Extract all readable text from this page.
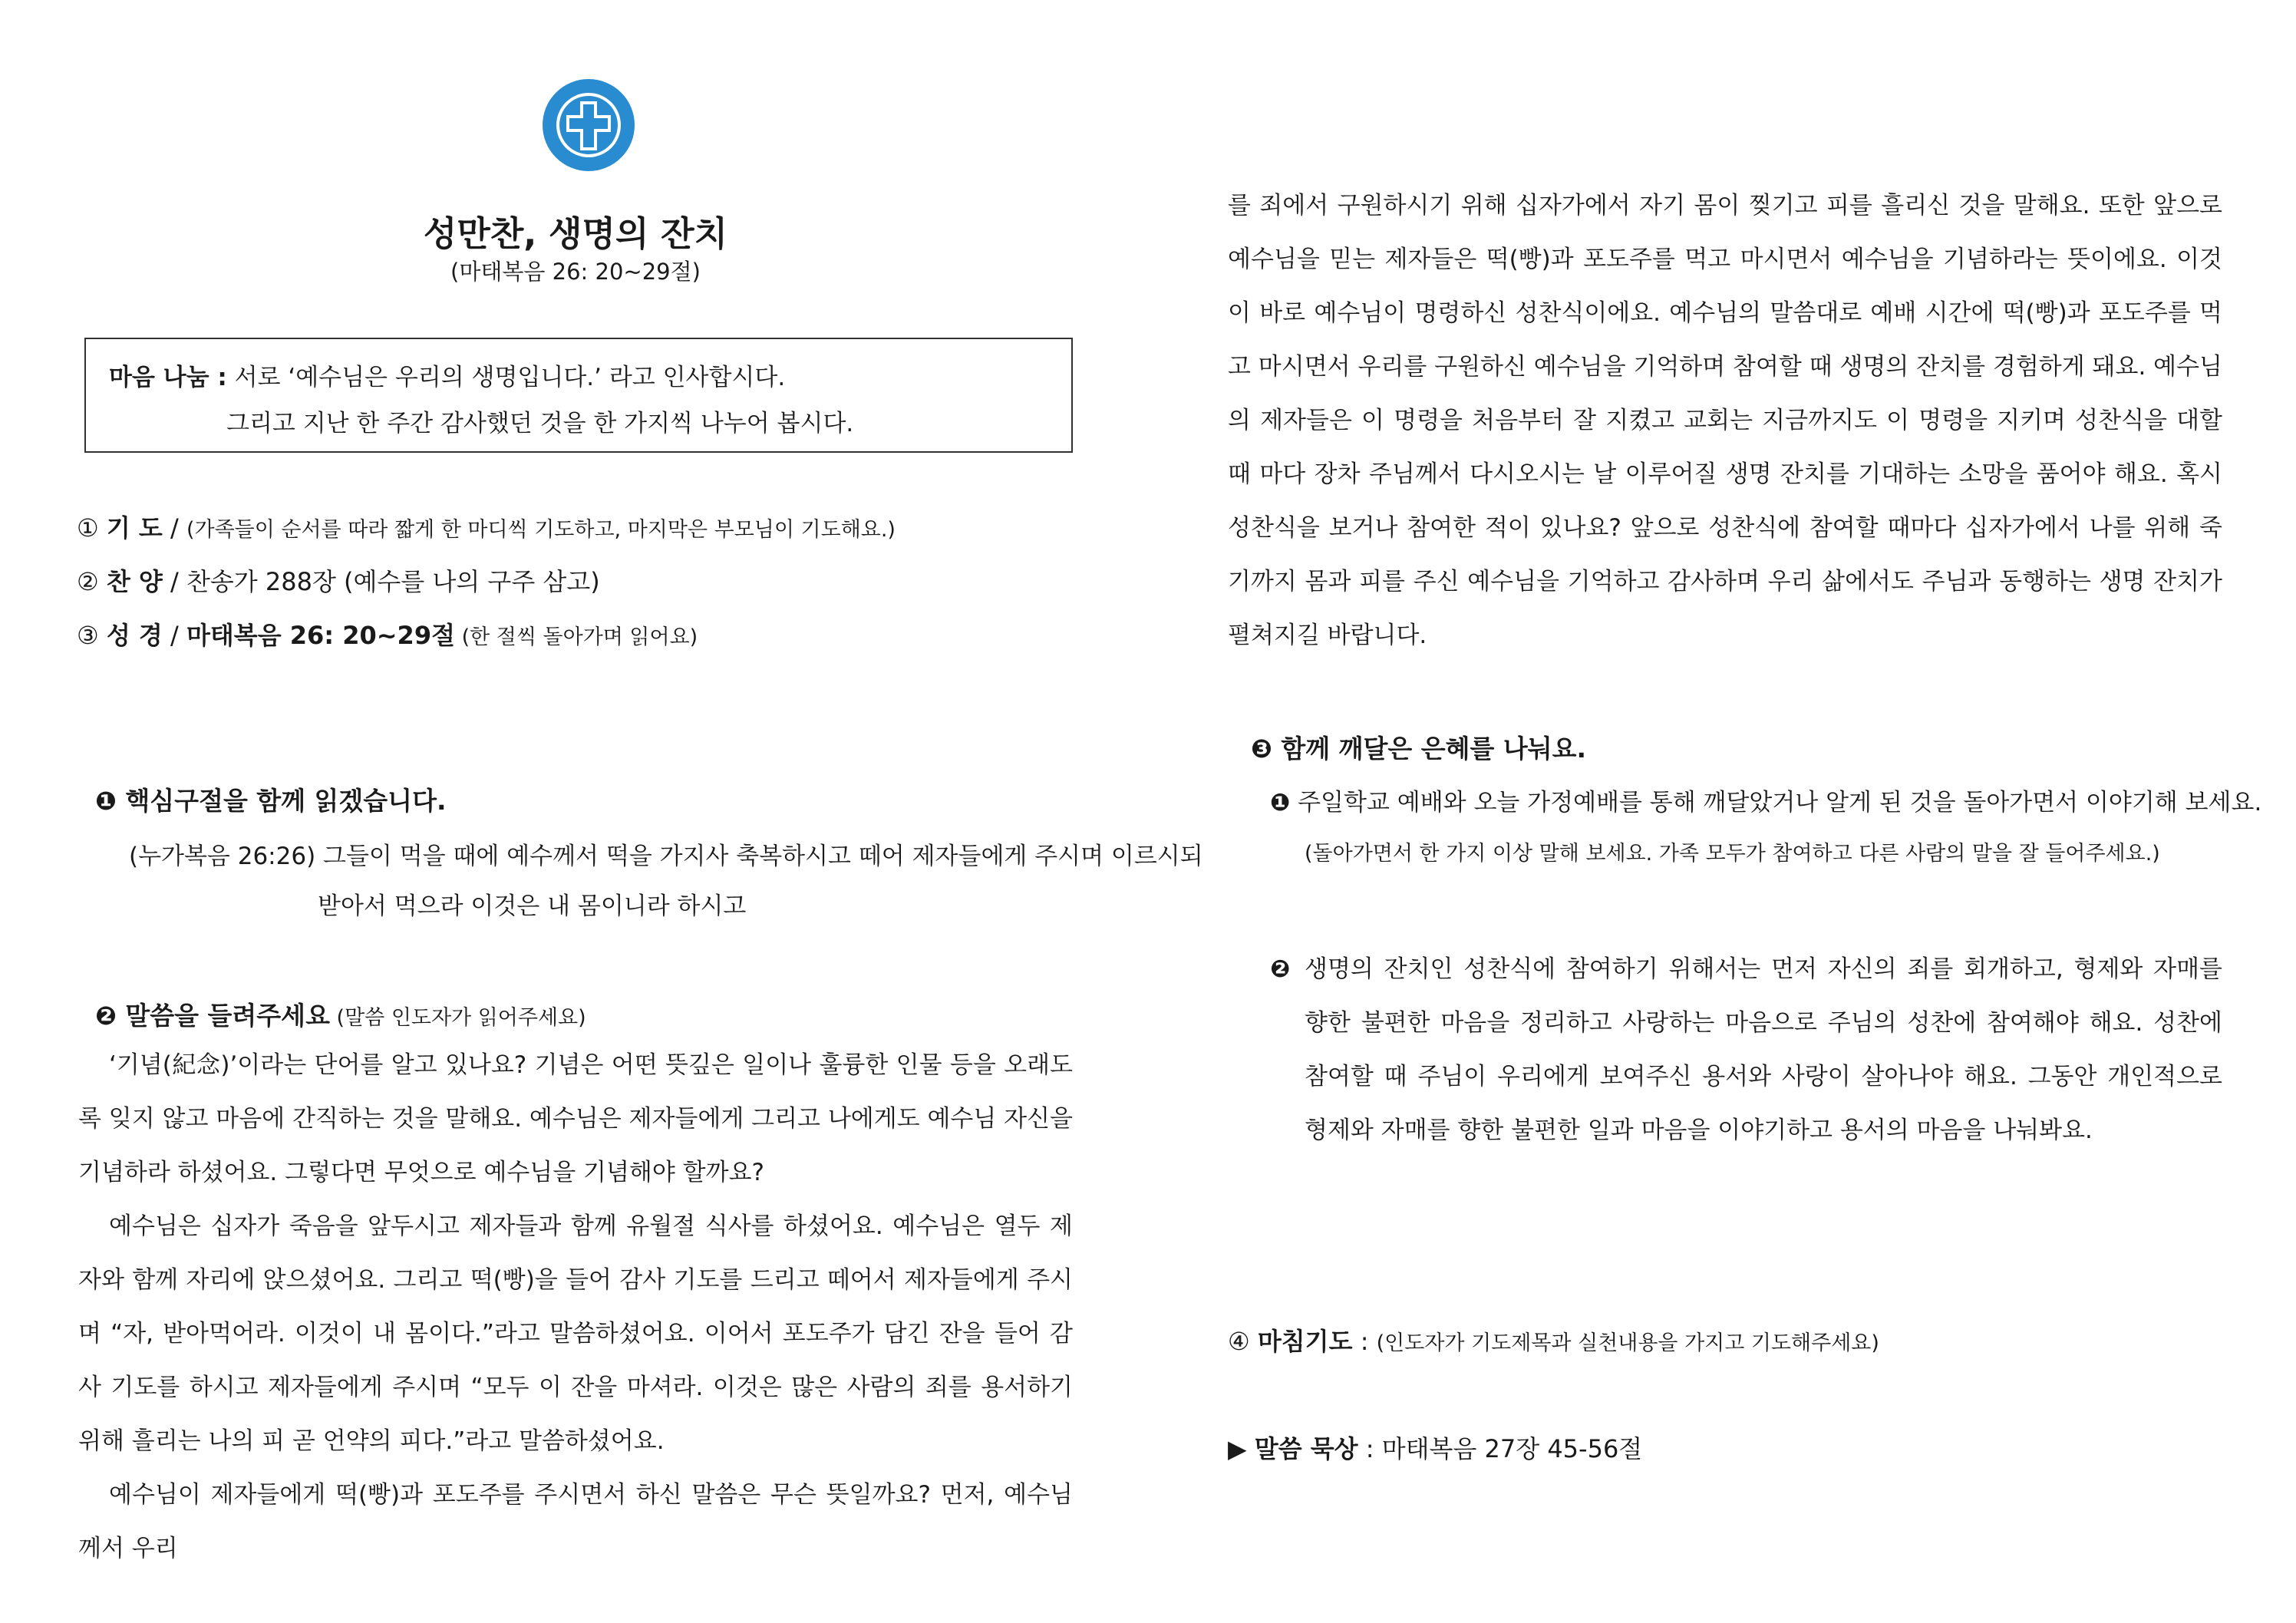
성만찬, 생명의 잔치
(마태복음 26: 20~29절)
마음 나눔 : 서로 ‘예수님은 우리의 생명입니다.’ 라고 인사합시다.
그리고 지난 한 주간 감사했던 것을 한 가지씩 나누어 봅시다.
① 기 도 / (가족들이 순서를 따라 짧게 한 마디씩 기도하고, 마지막은 부모님이 기도해요.)
② 찬 양 / 찬송가 288장 (예수를 나의 구주 삼고)
③ 성 경 / 마태복음 26: 20~29절 (한 절씩 돌아가며 읽어요)
❶ 핵심구절을 함께 읽겠습니다.
(누가복음 26:26) 그들이 먹을 때에 예수께서 떡을 가지사 축복하시고 떼어 제자들에게 주시며 이르시되
받아서 먹으라 이것은 내 몸이니라 하시고
❷ 말씀을 들려주세요 (말씀 인도자가 읽어주세요)

‘기념(紀念)’이라는 단어를 알고 있나요? 기념은 어떤 뜻깊은 일이나 훌륭한 인물 등을 오래도록 잊지 않고 마음에 간직하는 것을 말해요. 예수님은 제자들에게 그리고 나에게도 예수님 자신을 기념하라 하셨어요. 그렇다면 무엇으로 예수님을 기념해야 할까요?

예수님은 십자가 죽음을 앞두시고 제자들과 함께 유월절 식사를 하셨어요. 예수님은 열두 제자와 함께 자리에 앉으셨어요. 그리고 떡(빵)을 들어 감사 기도를 드리고 떼어서 제자들에게 주시며 “자, 받아먹어라. 이것이 내 몸이다.”라고 말씀하셨어요. 이어서 포도주가 담긴 잔을 들어 감사 기도를 하시고 제자들에게 주시며 “모두 이 잔을 마셔라. 이것은 많은 사람의 죄를 용서하기 위해 흘리는 나의 피 곧 언약의 피다.”라고 말씀하셨어요.

예수님이 제자들에게 떡(빵)과 포도주를 주시면서 하신 말씀은 무슨 뜻일까요? 먼저, 예수님께서 우리

를 죄에서 구원하시기 위해 십자가에서 자기 몸이 찢기고 피를 흘리신 것을 말해요. 또한 앞으로 예수님을 믿는 제자들은 떡(빵)과 포도주를 먹고 마시면서 예수님을 기념하라는 뜻이에요. 이것이 바로 예수님이 명령하신 성찬식이에요. 예수님의 말씀대로 예배 시간에 떡(빵)과 포도주를 먹고 마시면서 우리를 구원하신 예수님을 기억하며 참여할 때 생명의 잔치를 경험하게 돼요. 예수님의 제자들은 이 명령을 처음부터 잘 지켰고 교회는 지금까지도 이 명령을 지키며 성찬식을 대할 때 마다 장차 주님께서 다시오시는 날 이루어질 생명 잔치를 기대하는 소망을 품어야 해요. 혹시 성찬식을 보거나 참여한 적이 있나요? 앞으로 성찬식에 참여할 때마다 십자가에서 나를 위해 죽기까지 몸과 피를 주신 예수님을 기억하고 감사하며 우리 삶에서도 주님과 동행하는 생명 잔치가 펼쳐지길 바랍니다.

❸ 함께 깨달은 은혜를 나눠요.
❶ 주일학교 예배와 오늘 가정예배를 통해 깨달았거나 알게 된 것을 돌아가면서 이야기해 보세요.
(돌아가면서 한 가지 이상 말해 보세요. 가족 모두가 참여하고 다른 사람의 말을 잘 들어주세요.)
❷ 생명의 잔치인 성찬식에 참여하기 위해서는 먼저 자신의 죄를 회개하고, 형제와 자매를 향한 불편한 마음을 정리하고 사랑하는 마음으로 주님의 성찬에 참여해야 해요. 성찬에 참여할 때 주님이 우리에게 보여주신 용서와 사랑이 살아나야 해요. 그동안 개인적으로 형제와 자매를 향한 불편한 일과 마음을 이야기하고 용서의 마음을 나눠봐요.

④ 마침기도 : (인도자가 기도제목과 실천내용을 가지고 기도해주세요)
▶ 말씀 묵상 : 마태복음 27장 45-56절
